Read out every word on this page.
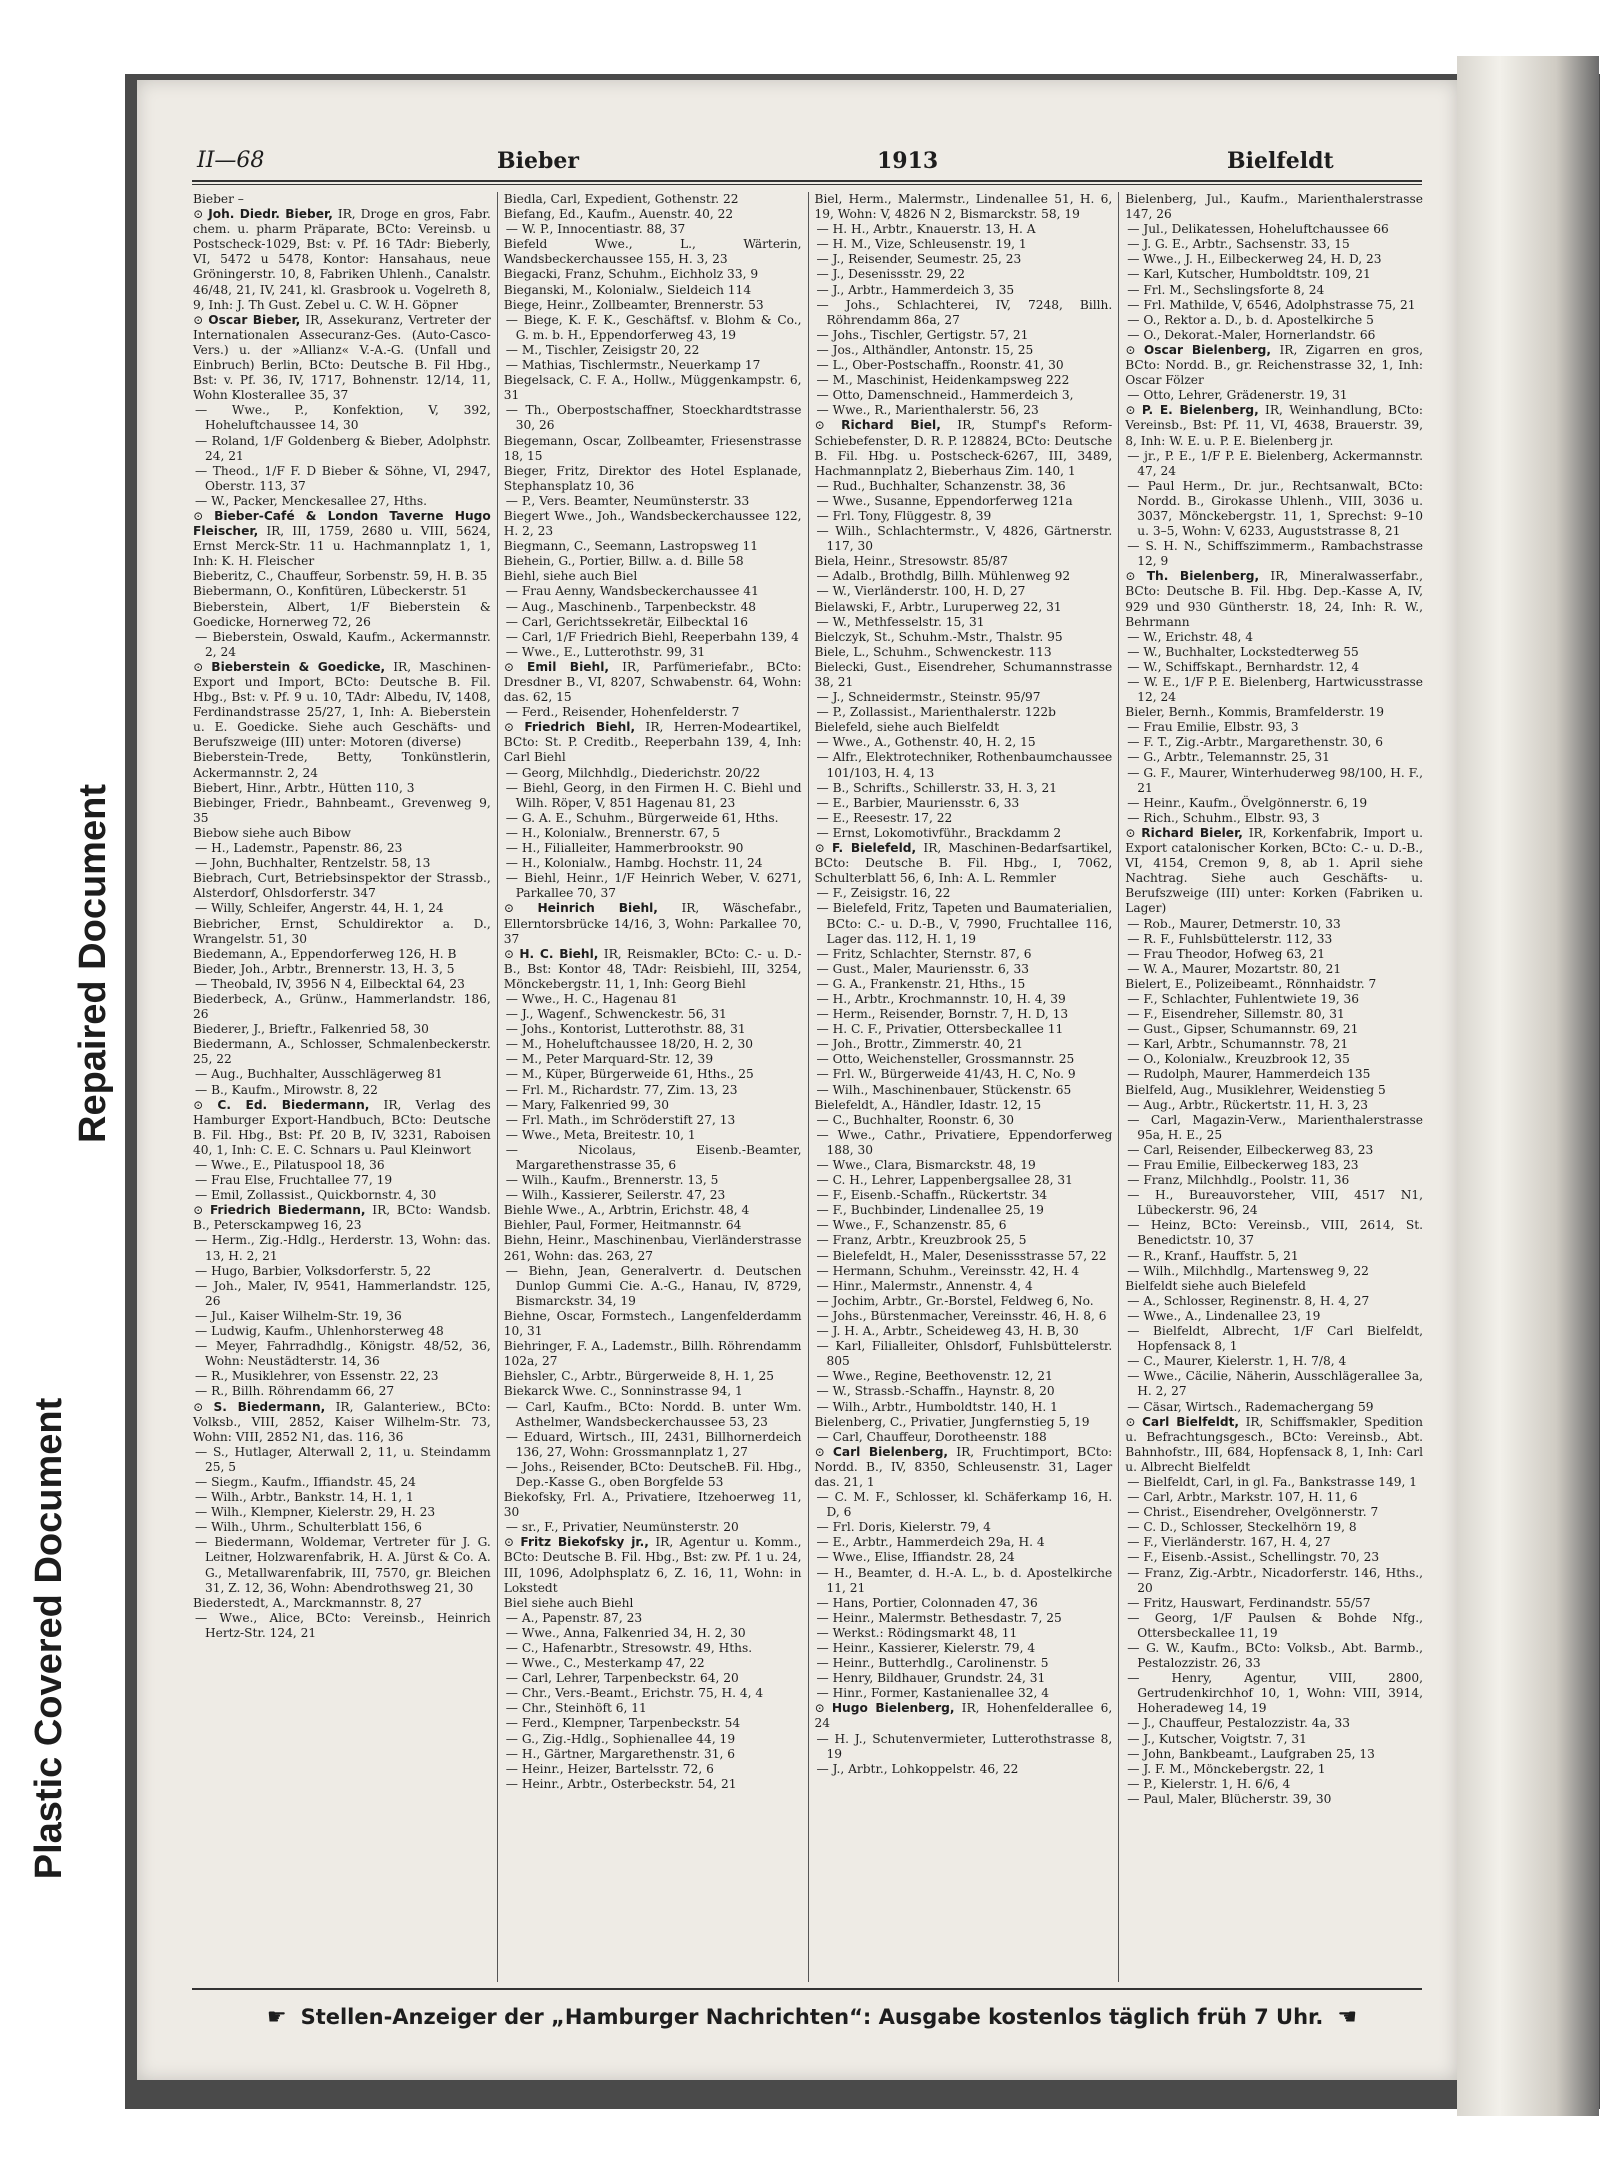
Plastic Covered Document
Repaired Document
II—68	Bieber	1913	Bielfeldt

Bieber –

⊙ Joh. Diedr. Bieber, IR, Droge en gros, Fabr. chem. u. pharm Präparate, BCto: Vereinsb. u Postscheck-1029, Bst: v. Pf. 16 TAdr: Bieberly, VI, 5472 u 5478, Kontor: Hansahaus, neue Gröningerstr. 10, 8, Fabriken Uhlenh., Canalstr. 46/48, 21, IV, 241, kl. Grasbrook u. Vogelreth 8, 9, Inh: J. Th Gust. Zebel u. C. W. H. Göpner

⊙ Oscar Bieber, IR, Assekuranz, Vertreter der Internationalen Assecuranz-Ges. (Auto-Casco-Vers.) u. der »Allianz« V.-A.-G. (Unfall und Einbruch) Berlin, BCto: Deutsche B. Fil Hbg., Bst: v. Pf. 36, IV, 1717, Bohnenstr. 12/14, 11, Wohn Klosterallee 35, 37

— Wwe., P., Konfektion, V, 392, Hoheluftchaussee 14, 30

— Roland, 1/F Goldenberg & Bieber, Adolphstr. 24, 21

— Theod., 1/F F. D Bieber & Söhne, VI, 2947, Oberstr. 113, 37

— W., Packer, Menckesallee 27, Hths.

⊙ Bieber-Café & London Taverne Hugo Fleischer, IR, III, 1759, 2680 u. VIII, 5624, Ernst Merck-Str. 11 u. Hachmannplatz 1, 1, Inh: K. H. Fleischer

Bieberitz, C., Chauffeur, Sorbenstr. 59, H. B. 35

Biebermann, O., Konfitüren, Lübeckerstr. 51

Bieberstein, Albert, 1/F Bieberstein & Goedicke, Hornerweg 72, 26

— Bieberstein, Oswald, Kaufm., Ackermannstr. 2, 24

⊙ Bieberstein & Goedicke, IR, Maschinen-Export und Import, BCto: Deutsche B. Fil. Hbg., Bst: v. Pf. 9 u. 10, TAdr: Albedu, IV, 1408, Ferdinandstrasse 25/27, 1, Inh: A. Bieberstein u. E. Goedicke. Siehe auch Geschäfts- und Berufszweige (III) unter: Motoren (diverse)

Bieberstein-Trede, Betty, Tonkünstlerin, Ackermannstr. 2, 24

Biebert, Hinr., Arbtr., Hütten 110, 3

Biebinger, Friedr., Bahnbeamt., Grevenweg 9, 35

Biebow siehe auch Bibow

— H., Lademstr., Papenstr. 86, 23

— John, Buchhalter, Rentzelstr. 58, 13

Biebrach, Curt, Betriebsinspektor der Strassb., Alsterdorf, Ohlsdorferstr. 347

— Willy, Schleifer, Angerstr. 44, H. 1, 24

Biebricher, Ernst, Schuldirektor a. D., Wrangelstr. 51, 30

Biedemann, A., Eppendorferweg 126, H. B

Bieder, Joh., Arbtr., Brennerstr. 13, H. 3, 5

— Theobald, IV, 3956 N 4, Eilbecktal 64, 23

Biederbeck, A., Grünw., Hammerlandstr. 186, 26

Biederer, J., Brieftr., Falkenried 58, 30

Biedermann, A., Schlosser, Schmalenbeckerstr. 25, 22

— Aug., Buchhalter, Ausschlägerweg 81

— B., Kaufm., Mirowstr. 8, 22

⊙ C. Ed. Biedermann, IR, Verlag des Hamburger Export-Handbuch, BCto: Deutsche B. Fil. Hbg., Bst: Pf. 20 B, IV, 3231, Raboisen 40, 1, Inh: C. E. C. Schnars u. Paul Kleinwort

— Wwe., E., Pilatuspool 18, 36

— Frau Else, Fruchtallee 77, 19

— Emil, Zollassist., Quickbornstr. 4, 30

⊙ Friedrich Biedermann, IR, BCto: Wandsb. B., Petersckampweg 16, 23

— Herm., Zig.-Hdlg., Herderstr. 13, Wohn: das. 13, H. 2, 21

— Hugo, Barbier, Volksdorferstr. 5, 22

— Joh., Maler, IV, 9541, Hammerlandstr. 125, 26

— Jul., Kaiser Wilhelm-Str. 19, 36

— Ludwig, Kaufm., Uhlenhorsterweg 48

— Meyer, Fahrradhdlg., Königstr. 48/52, 36, Wohn: Neustädterstr. 14, 36

— R., Musiklehrer, von Essenstr. 22, 23

— R., Billh. Röhrendamm 66, 27

⊙ S. Biedermann, IR, Galanteriew., BCto: Volksb., VIII, 2852, Kaiser Wilhelm-Str. 73, Wohn: VIII, 2852 N1, das. 116, 36

— S., Hutlager, Alterwall 2, 11, u. Steindamm 25, 5

— Siegm., Kaufm., Iffiandstr. 45, 24

— Wilh., Arbtr., Bankstr. 14, H. 1, 1

— Wilh., Klempner, Kielerstr. 29, H. 23

— Wilh., Uhrm., Schulterblatt 156, 6

— Biedermann, Woldemar, Vertreter für J. G. Leitner, Holzwarenfabrik, H. A. Jürst & Co. A. G., Metallwarenfabrik, III, 7570, gr. Bleichen 31, Z. 12, 36, Wohn: Abendrothsweg 21, 30

Biederstedt, A., Marckmannstr. 8, 27

— Wwe., Alice, BCto: Vereinsb., Heinrich Hertz-Str. 124, 21

Biedla, Carl, Expedient, Gothenstr. 22

Biefang, Ed., Kaufm., Auenstr. 40, 22

— W. P., Innocentiastr. 88, 37

Biefeld Wwe., L., Wärterin, Wandsbeckerchaussee 155, H. 3, 23

Biegacki, Franz, Schuhm., Eichholz 33, 9

Bieganski, M., Kolonialw., Sieldeich 114

Biege, Heinr., Zollbeamter, Brennerstr. 53

— Biege, K. F. K., Geschäftsf. v. Blohm & Co., G. m. b. H., Eppendorferweg 43, 19

— M., Tischler, Zeisigstr 20, 22

— Mathias, Tischlermstr., Neuerkamp 17

Biegelsack, C. F. A., Hollw., Müggenkampstr. 6, 31

— Th., Oberpostschaffner, Stoeckhardtstrasse 30, 26

Biegemann, Oscar, Zollbeamter, Friesenstrasse 18, 15

Bieger, Fritz, Direktor des Hotel Esplanade, Stephansplatz 10, 36

— P., Vers. Beamter, Neumünsterstr. 33

Biegert Wwe., Joh., Wandsbeckerchaussee 122, H. 2, 23

Biegmann, C., Seemann, Lastropsweg 11

Biehein, G., Portier, Billw. a. d. Bille 58

Biehl, siehe auch Biel

— Frau Aenny, Wandsbeckerchaussee 41

— Aug., Maschinenb., Tarpenbeckstr. 48

— Carl, Gerichtssekretär, Eilbecktal 16

— Carl, 1/F Friedrich Biehl, Reeperbahn 139, 4

— Wwe., E., Lutterothstr. 99, 31

⊙ Emil Biehl, IR, Parfümeriefabr., BCto: Dresdner B., VI, 8207, Schwabenstr. 64, Wohn: das. 62, 15

— Ferd., Reisender, Hohenfelderstr. 7

⊙ Friedrich Biehl, IR, Herren-Modeartikel, BCto: St. P. Creditb., Reeperbahn 139, 4, Inh: Carl Biehl

— Georg, Milchhdlg., Diederichstr. 20/22

— Biehl, Georg, in den Firmen H. C. Biehl und Wilh. Röper, V, 851 Hagenau 81, 23

— G. A. E., Schuhm., Bürgerweide 61, Hths.

— H., Kolonialw., Brennerstr. 67, 5

— H., Filialleiter, Hammerbrookstr. 90

— H., Kolonialw., Hambg. Hochstr. 11, 24

— Biehl, Heinr., 1/F Heinrich Weber, V. 6271, Parkallee 70, 37

⊙ Heinrich Biehl, IR, Wäschefabr., Ellerntorsbrücke 14/16, 3, Wohn: Parkallee 70, 37

⊙ H. C. Biehl, IR, Reismakler, BCto: C.- u. D.-B., Bst: Kontor 48, TAdr: Reisbiehl, III, 3254, Mönckebergstr. 11, 1, Inh: Georg Biehl

— Wwe., H. C., Hagenau 81

— J., Wagenf., Schwenckestr. 56, 31

— Johs., Kontorist, Lutterothstr. 88, 31

— M., Hoheluftchaussee 18/20, H. 2, 30

— M., Peter Marquard-Str. 12, 39

— M., Küper, Bürgerweide 61, Hths., 25

— Frl. M., Richardstr. 77, Zim. 13, 23

— Mary, Falkenried 99, 30

— Frl. Math., im Schröderstift 27, 13

— Wwe., Meta, Breitestr. 10, 1

— Nicolaus, Eisenb.-Beamter, Margarethenstrasse 35, 6

— Wilh., Kaufm., Brennerstr. 13, 5

— Wilh., Kassierer, Seilerstr. 47, 23

Biehle Wwe., A., Arbtrin, Erichstr. 48, 4

Biehler, Paul, Former, Heitmannstr. 64

Biehn, Heinr., Maschinenbau, Vierländerstrasse 261, Wohn: das. 263, 27

— Biehn, Jean, Generalvertr. d. Deutschen Dunlop Gummi Cie. A.-G., Hanau, IV, 8729, Bismarckstr. 34, 19

Biehne, Oscar, Formstech., Langenfelderdamm 10, 31

Biehringer, F. A., Lademstr., Billh. Röhrendamm 102a, 27

Biehsler, C., Arbtr., Bürgerweide 8, H. 1, 25

Biekarck Wwe. C., Sonninstrasse 94, 1

— Carl, Kaufm., BCto: Nordd. B. unter Wm. Asthelmer, Wandsbeckerchaussee 53, 23

— Eduard, Wirtsch., III, 2431, Billhornerdeich 136, 27, Wohn: Grossmannplatz 1, 27

— Johs., Reisender, BCto: DeutscheB. Fil. Hbg., Dep.-Kasse G., oben Borgfelde 53

Biekofsky, Frl. A., Privatiere, Itzehoerweg 11, 30

— sr., F., Privatier, Neumünsterstr. 20

⊙ Fritz Biekofsky jr., IR, Agentur u. Komm., BCto: Deutsche B. Fil. Hbg., Bst: zw. Pf. 1 u. 24, III, 1096, Adolphsplatz 6, Z. 16, 11, Wohn: in Lokstedt

Biel siehe auch Biehl

— A., Papenstr. 87, 23

— Wwe., Anna, Falkenried 34, H. 2, 30

— C., Hafenarbtr., Stresowstr. 49, Hths.

— Wwe., C., Mesterkamp 47, 22

— Carl, Lehrer, Tarpenbeckstr. 64, 20

— Chr., Vers.-Beamt., Erichstr. 75, H. 4, 4

— Chr., Steinhöft 6, 11

— Ferd., Klempner, Tarpenbeckstr. 54

— G., Zig.-Hdlg., Sophienallee 44, 19

— H., Gärtner, Margarethenstr. 31, 6

— Heinr., Heizer, Bartelsstr. 72, 6

— Heinr., Arbtr., Osterbeckstr. 54, 21

Biel, Herm., Malermstr., Lindenallee 51, H. 6, 19, Wohn: V, 4826 N 2, Bismarckstr. 58, 19

— H. H., Arbtr., Knauerstr. 13, H. A

— H. M., Vize, Schleusenstr. 19, 1

— J., Reisender, Seumestr. 25, 23

— J., Desenissstr. 29, 22

— J., Arbtr., Hammerdeich 3, 35

— Johs., Schlachterei, IV, 7248, Billh. Röhrendamm 86a, 27

— Johs., Tischler, Gertigstr. 57, 21

— Jos., Althändler, Antonstr. 15, 25

— L., Ober-Postschaffn., Roonstr. 41, 30

— M., Maschinist, Heidenkampsweg 222

— Otto, Damenschneid., Hammerdeich 3,

— Wwe., R., Marienthalerstr. 56, 23

⊙ Richard Biel, IR, Stumpf's Reform-Schiebefenster, D. R. P. 128824, BCto: Deutsche B. Fil. Hbg. u. Postscheck-6267, III, 3489, Hachmannplatz 2, Bieberhaus Zim. 140, 1

— Rud., Buchhalter, Schanzenstr. 38, 36

— Wwe., Susanne, Eppendorferweg 121a

— Frl. Tony, Flüggestr. 8, 39

— Wilh., Schlachtermstr., V, 4826, Gärtnerstr. 117, 30

Biela, Heinr., Stresowstr. 85/87

— Adalb., Brothdlg, Billh. Mühlenweg 92

— W., Vierländerstr. 100, H. D, 27

Bielawski, F., Arbtr., Luruperweg 22, 31

— W., Methfesselstr. 15, 31

Bielczyk, St., Schuhm.-Mstr., Thalstr. 95

Biele, L., Schuhm., Schwenckestr. 113

Bielecki, Gust., Eisendreher, Schumannstrasse 38, 21

— J., Schneidermstr., Steinstr. 95/97

— P., Zollassist., Marienthalerstr. 122b

Bielefeld, siehe auch Bielfeldt

— Wwe., A., Gothenstr. 40, H. 2, 15

— Alfr., Elektrotechniker, Rothenbaumchaussee 101/103, H. 4, 13

— B., Schrifts., Schillerstr. 33, H. 3, 21

— E., Barbier, Mauriensstr. 6, 33

— E., Reesestr. 17, 22

— Ernst, Lokomotivführ., Brackdamm 2

⊙ F. Bielefeld, IR, Maschinen-Bedarfsartikel, BCto: Deutsche B. Fil. Hbg., I, 7062, Schulterblatt 56, 6, Inh: A. L. Remmler

— F., Zeisigstr. 16, 22

— Bielefeld, Fritz, Tapeten und Baumaterialien, BCto: C.- u. D.-B., V, 7990, Fruchtallee 116, Lager das. 112, H. 1, 19

— Fritz, Schlachter, Sternstr. 87, 6

— Gust., Maler, Mauriensstr. 6, 33

— G. A., Frankenstr. 21, Hths., 15

— H., Arbtr., Krochmannstr. 10, H. 4, 39

— Herm., Reisender, Bornstr. 7, H. D, 13

— H. C. F., Privatier, Ottersbeckallee 11

— Joh., Brottr., Zimmerstr. 40, 21

— Otto, Weichensteller, Grossmannstr. 25

— Frl. W., Bürgerweide 41/43, H. C, No. 9

— Wilh., Maschinenbauer, Stückenstr. 65

Bielefeldt, A., Händler, Idastr. 12, 15

— C., Buchhalter, Roonstr. 6, 30

— Wwe., Cathr., Privatiere, Eppendorferweg 188, 30

— Wwe., Clara, Bismarckstr. 48, 19

— C. H., Lehrer, Lappenbergsallee 28, 31

— F., Eisenb.-Schaffn., Rückertstr. 34

— F., Buchbinder, Lindenallee 25, 19

— Wwe., F., Schanzenstr. 85, 6

— Franz, Arbtr., Kreuzbrook 25, 5

— Bielefeldt, H., Maler, Desenissstrasse 57, 22

— Hermann, Schuhm., Vereinsstr. 42, H. 4

— Hinr., Malermstr., Annenstr. 4, 4

— Jochim, Arbtr., Gr.-Borstel, Feldweg 6, No.

— Johs., Bürstenmacher, Vereinsstr. 46, H. 8, 6

— J. H. A., Arbtr., Scheideweg 43, H. B, 30

— Karl, Filialleiter, Ohlsdorf, Fuhlsbüttelerstr. 805

— Wwe., Regine, Beethovenstr. 12, 21

— W., Strassb.-Schaffn., Haynstr. 8, 20

— Wilh., Arbtr., Humboldtstr. 140, H. 1

Bielenberg, C., Privatier, Jungfernstieg 5, 19

— Carl, Chauffeur, Dorotheenstr. 188

⊙ Carl Bielenberg, IR, Fruchtimport, BCto: Nordd. B., IV, 8350, Schleusenstr. 31, Lager das. 21, 1

— C. M. F., Schlosser, kl. Schäferkamp 16, H. D, 6

— Frl. Doris, Kielerstr. 79, 4

— E., Arbtr., Hammerdeich 29a, H. 4

— Wwe., Elise, Iffiandstr. 28, 24

— H., Beamter, d. H.-A. L., b. d. Apostelkirche 11, 21

— Hans, Portier, Colonnaden 47, 36

— Heinr., Malermstr. Bethesdastr. 7, 25

— Werkst.: Rödingsmarkt 48, 11

— Heinr., Kassierer, Kielerstr. 79, 4

— Heinr., Butterhdlg., Carolinenstr. 5

— Henry, Bildhauer, Grundstr. 24, 31

— Hinr., Former, Kastanienallee 32, 4

⊙ Hugo Bielenberg, IR, Hohenfelderallee 6, 24

— H. J., Schutenvermieter, Lutterothstrasse 8, 19

— J., Arbtr., Lohkoppelstr. 46, 22

Bielenberg, Jul., Kaufm., Marienthalerstrasse 147, 26

— Jul., Delikatessen, Hoheluftchaussee 66

— J. G. E., Arbtr., Sachsenstr. 33, 15

— Wwe., J. H., Eilbeckerweg 24, H. D, 23

— Karl, Kutscher, Humboldtstr. 109, 21

— Frl. M., Sechslingsforte 8, 24

— Frl. Mathilde, V, 6546, Adolphstrasse 75, 21

— O., Rektor a. D., b. d. Apostelkirche 5

— O., Dekorat.-Maler, Hornerlandstr. 66

⊙ Oscar Bielenberg, IR, Zigarren en gros, BCto: Nordd. B., gr. Reichenstrasse 32, 1, Inh: Oscar Fölzer

— Otto, Lehrer, Grädenerstr. 19, 31

⊙ P. E. Bielenberg, IR, Weinhandlung, BCto: Vereinsb., Bst: Pf. 11, VI, 4638, Brauerstr. 39, 8, Inh: W. E. u. P. E. Bielenberg jr.

— jr., P. E., 1/F P. E. Bielenberg, Ackermannstr. 47, 24

— Paul Herm., Dr. jur., Rechtsanwalt, BCto: Nordd. B., Girokasse Uhlenh., VIII, 3036 u. 3037, Mönckebergstr. 11, 1, Sprechst: 9–10 u. 3–5, Wohn: V, 6233, Auguststrasse 8, 21

— S. H. N., Schiffszimmerm., Rambachstrasse 12, 9

⊙ Th. Bielenberg, IR, Mineralwasserfabr., BCto: Deutsche B. Fil. Hbg. Dep.-Kasse A, IV, 929 und 930 Güntherstr. 18, 24, Inh: R. W., Behrmann

— W., Erichstr. 48, 4

— W., Buchhalter, Lockstedterweg 55

— W., Schiffskapt., Bernhardstr. 12, 4

— W. E., 1/F P. E. Bielenberg, Hartwicusstrasse 12, 24

Bieler, Bernh., Kommis, Bramfelderstr. 19

— Frau Emilie, Elbstr. 93, 3

— F. T., Zig.-Arbtr., Margarethenstr. 30, 6

— G., Arbtr., Telemannstr. 25, 31

— G. F., Maurer, Winterhuderweg 98/100, H. F., 21

— Heinr., Kaufm., Övelgönnerstr. 6, 19

— Rich., Schuhm., Elbstr. 93, 3

⊙ Richard Bieler, IR, Korkenfabrik, Import u. Export catalonischer Korken, BCto: C.- u. D.-B., VI, 4154, Cremon 9, 8, ab 1. April siehe Nachtrag. Siehe auch Geschäfts- u. Berufszweige (III) unter: Korken (Fabriken u. Lager)

— Rob., Maurer, Detmerstr. 10, 33

— R. F., Fuhlsbüttelerstr. 112, 33

— Frau Theodor, Hofweg 63, 21

— W. A., Maurer, Mozartstr. 80, 21

Bielert, E., Polizeibeamt., Rönnhaidstr. 7

— F., Schlachter, Fuhlentwiete 19, 36

— F., Eisendreher, Sillemstr. 80, 31

— Gust., Gipser, Schumannstr. 69, 21

— Karl, Arbtr., Schumannstr. 78, 21

— O., Kolonialw., Kreuzbrook 12, 35

— Rudolph, Maurer, Hammerdeich 135

Bielfeld, Aug., Musiklehrer, Weidenstieg 5

— Aug., Arbtr., Rückertstr. 11, H. 3, 23

— Carl, Magazin-Verw., Marienthalerstrasse 95a, H. E., 25

— Carl, Reisender, Eilbeckerweg 83, 23

— Frau Emilie, Eilbeckerweg 183, 23

— Franz, Milchhdlg., Poolstr. 11, 36

— H., Bureauvorsteher, VIII, 4517 N1, Lübeckerstr. 96, 24

— Heinz, BCto: Vereinsb., VIII, 2614, St. Benedictstr. 10, 37

— R., Kranf., Hauffstr. 5, 21

— Wilh., Milchhdlg., Martensweg 9, 22

Bielfeldt siehe auch Bielefeld

— A., Schlosser, Reginenstr. 8, H. 4, 27

— Wwe., A., Lindenallee 23, 19

— Bielfeldt, Albrecht, 1/F Carl Bielfeldt, Hopfensack 8, 1

— C., Maurer, Kielerstr. 1, H. 7/8, 4

— Wwe., Cäcilie, Näherin, Ausschlägerallee 3a, H. 2, 27

— Cäsar, Wirtsch., Rademachergang 59

⊙ Carl Bielfeldt, IR, Schiffsmakler, Spedition u. Befrachtungsgesch., BCto: Vereinsb., Abt. Bahnhofstr., III, 684, Hopfensack 8, 1, Inh: Carl u. Albrecht Bielfeldt

— Bielfeldt, Carl, in gl. Fa., Bankstrasse 149, 1

— Carl, Arbtr., Markstr. 107, H. 11, 6

— Christ., Eisendreher, Ovelgönnerstr. 7

— C. D., Schlosser, Steckelhörn 19, 8

— F., Vierländerstr. 167, H. 4, 27

— F., Eisenb.-Assist., Schellingstr. 70, 23

— Franz, Zig.-Arbtr., Nicadorferstr. 146, Hths., 20

— Fritz, Hauswart, Ferdinandstr. 55/57

— Georg, 1/F Paulsen & Bohde Nfg., Ottersbeckallee 11, 19

— G. W., Kaufm., BCto: Volksb., Abt. Barmb., Pestalozzistr. 26, 33

— Henry, Agentur, VIII, 2800, Gertrudenkirchhof 10, 1, Wohn: VIII, 3914, Hoheradeweg 14, 19

— J., Chauffeur, Pestalozzistr. 4a, 33

— J., Kutscher, Voigtstr. 7, 31

— John, Bankbeamt., Laufgraben 25, 13

— J. F. M., Mönckebergstr. 22, 1

— P., Kielerstr. 1, H. 6/6, 4

— Paul, Maler, Blücherstr. 39, 30

☛ Stellen-Anzeiger der „Hamburger Nachrichten“: Ausgabe kostenlos täglich früh 7 Uhr. ☚
